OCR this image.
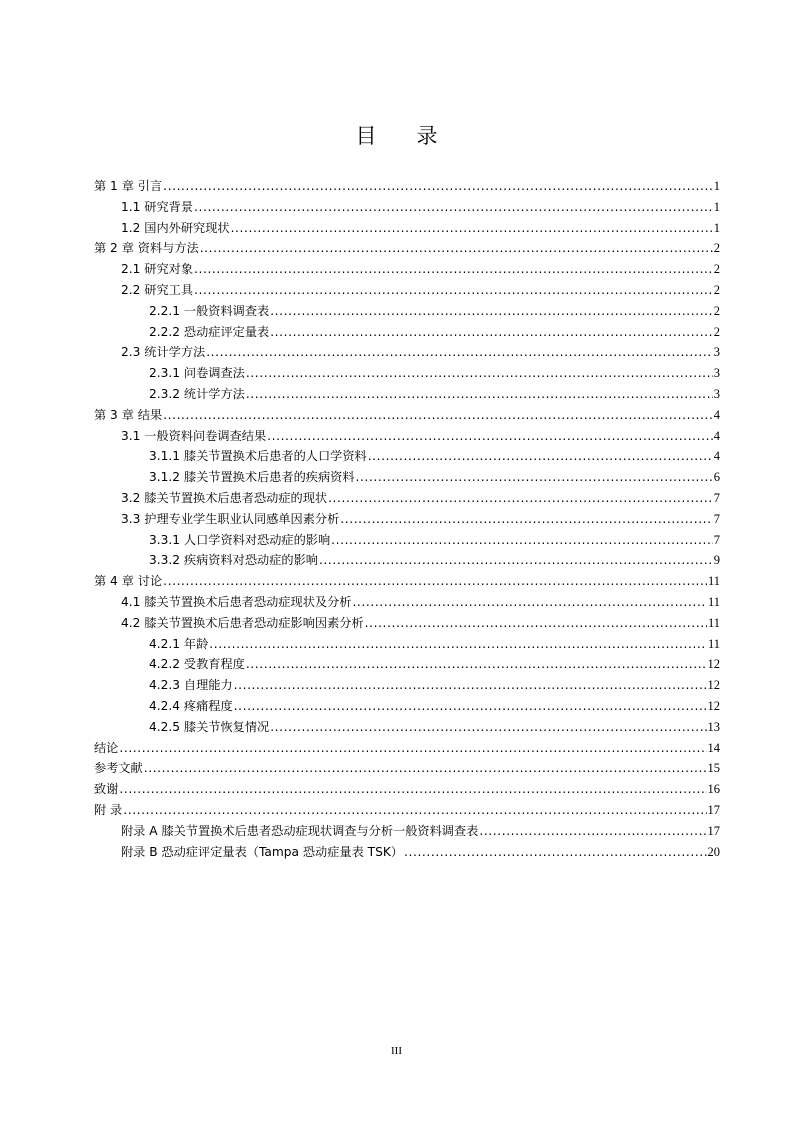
目录
第 1 章 引言 .....	1
1.1 研究背景 .....	1
1.2 国内外研究现状 .....	1
第 2 章 资料与方法 .....	2
2.1 研究对象 .....	2
2.2 研究工具 .....	2
2.2.1 一般资料调查表 .....	2
2.2.2 恐动症评定量表 .....	2
2.3 统计学方法 .....	3
2.3.1 问卷调查法 .....	3
2.3.2 统计学方法 .....	3
第 3 章 结果 .....	4
3.1 一般资料问卷调查结果 .....	4
3.1.1 膝关节置换术后患者的人口学资料 .....	4
3.1.2 膝关节置换术后患者的疾病资料 .....	6
3.2 膝关节置换术后患者恐动症的现状 .....	7
3.3 护理专业学生职业认同感单因素分析 .....	7
3.3.1 人口学资料对恐动症的影响 .....	7
3.3.2 疾病资料对恐动症的影响 .....	9
第 4 章 讨论 .....	11
4.1 膝关节置换术后患者恐动症现状及分析 .....	11
4.2 膝关节置换术后患者恐动症影响因素分析 .....	11
4.2.1 年龄 .....	11
4.2.2 受教育程度 .....	12
4.2.3 自理能力 .....	12
4.2.4 疼痛程度 .....	12
4.2.5 膝关节恢复情况 .....	13
结论 .....	14
参考文献 .....	15
致谢 .....	16
附 录 .....	17
附录 A 膝关节置换术后患者恐动症现状调查与分析一般资料调查表 .....	17
附录 B 恐动症评定量表（Tampa 恐动症量表 TSK） .....	20
III
